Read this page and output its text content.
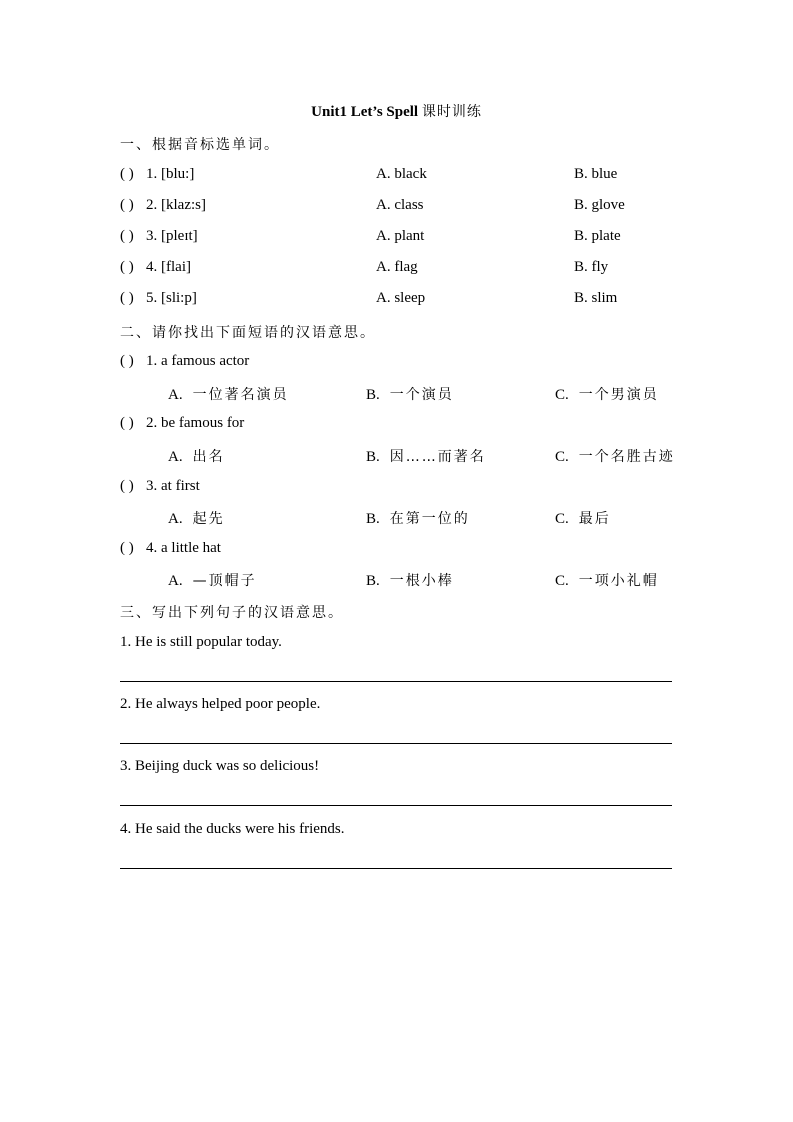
Unit1 Let’s Spell 课时训练
一、根据音标选单词。
( ) 1. [blu:]	A. black	B. blue
( ) 2. [klaz:s]	A. class	B. glove
( ) 3. [pleɪt]	A. plant	B. plate
( ) 4. [flai]	A. flag	B. fly
( ) 5. [sli:p]	A. sleep	B. slim
二、请你找出下面短语的汉语意思。
( ) 1. a famous actor
A. 一位著名演员	B. 一个演员	C. 一个男演员
( ) 2. be famous for
A. 出名	B. 因……而著名	C. 一个名胜古迹
( ) 3. at first
A. 起先	B. 在第一位的	C. 最后
( ) 4. a little hat
A. —顶帽子	B. 一根小棒	C. 一项小礼帽
三、写出下列句子的汉语意思。
1. He is still popular today.
2. He always helped poor people.
3. Beijing duck was so delicious!
4. He said the ducks were his friends.
